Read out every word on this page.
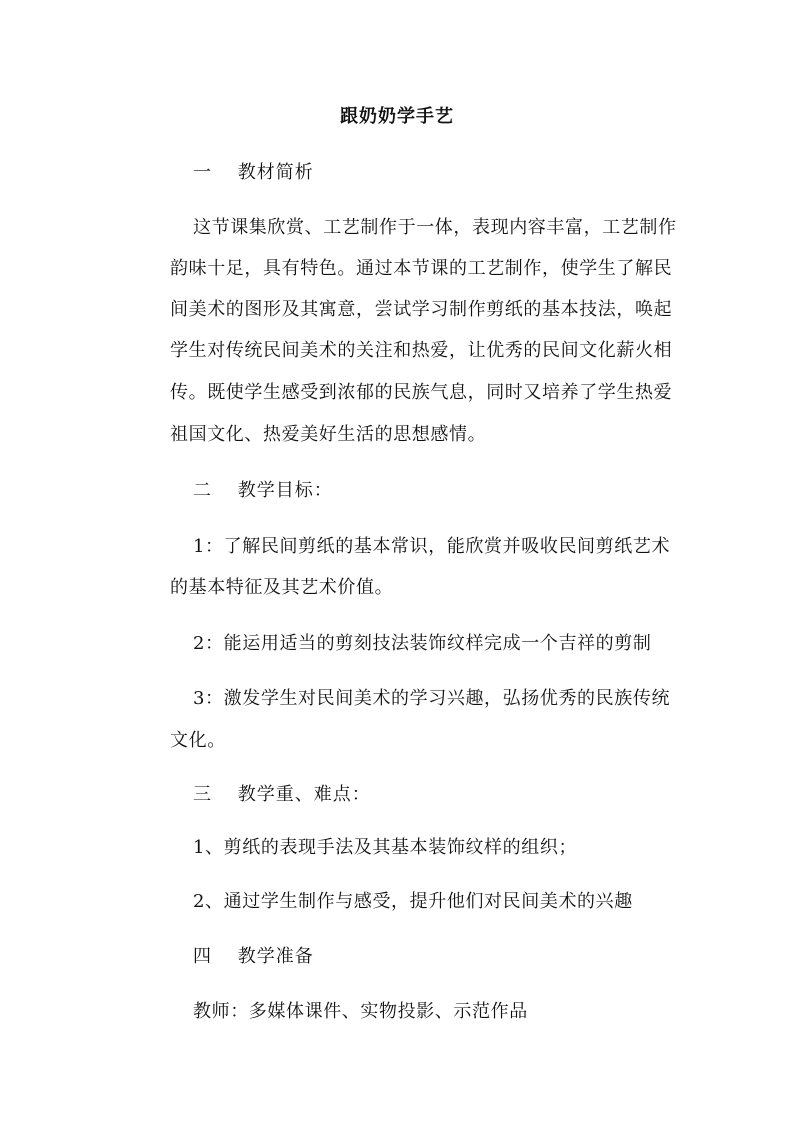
跟奶奶学手艺
一　 教材简析
这节课集欣赏、工艺制作于一体，表现内容丰富，工艺制作
韵味十足，具有特色。通过本节课的工艺制作，使学生了解民
间美术的图形及其寓意，尝试学习制作剪纸的基本技法，唤起
学生对传统民间美术的关注和热爱，让优秀的民间文化薪火相
传。既使学生感受到浓郁的民族气息，同时又培养了学生热爱
祖国文化、热爱美好生活的思想感情。
二　 教学目标：
1：了解民间剪纸的基本常识，能欣赏并吸收民间剪纸艺术
的基本特征及其艺术价值。
2：能运用适当的剪刻技法装饰纹样完成一个吉祥的剪制
3：激发学生对民间美术的学习兴趣，弘扬优秀的民族传统
文化。
三　 教学重、难点：
1、剪纸的表现手法及其基本装饰纹样的组织；
2、通过学生制作与感受，提升他们对民间美术的兴趣
四　 教学准备
教师：多媒体课件、实物投影、示范作品
